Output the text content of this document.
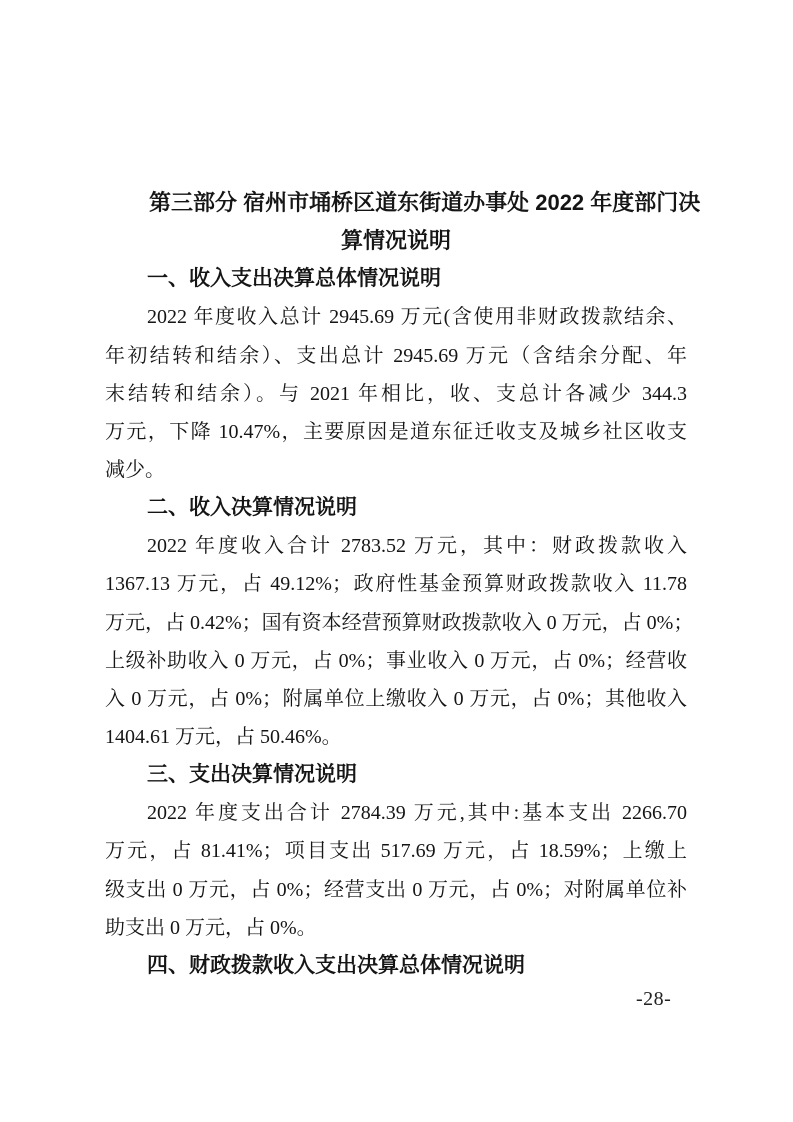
第三部分 宿州市埇桥区道东街道办事处 2022 年度部门决
算情况说明
一、收入支出决算总体情况说明
2022 年度收入总计 2945.69 万元(含使用非财政拨款结余、
年初结转和结余）、支出总计 2945.69 万元（含结余分配、年
末结转和结余）。与 2021 年相比，收、支总计各减少 344.3
万元，下降 10.47%，主要原因是道东征迁收支及城乡社区收支
减少。
二、收入决算情况说明
2022 年度收入合计 2783.52 万元，其中：财政拨款收入
1367.13 万元，占 49.12%；政府性基金预算财政拨款收入 11.78
万元，占 0.42%；国有资本经营预算财政拨款收入 0 万元，占 0%；
上级补助收入 0 万元，占 0%；事业收入 0 万元，占 0%；经营收
入 0 万元，占 0%；附属单位上缴收入 0 万元，占 0%；其他收入
1404.61 万元，占 50.46%。
三、支出决算情况说明
2022 年度支出合计 2784.39 万元,其中:基本支出 2266.70
万元，占 81.41%；项目支出 517.69 万元，占 18.59%；上缴上
级支出 0 万元，占 0%；经营支出 0 万元，占 0%；对附属单位补
助支出 0 万元，占 0%。
四、财政拨款收入支出决算总体情况说明
-28-
